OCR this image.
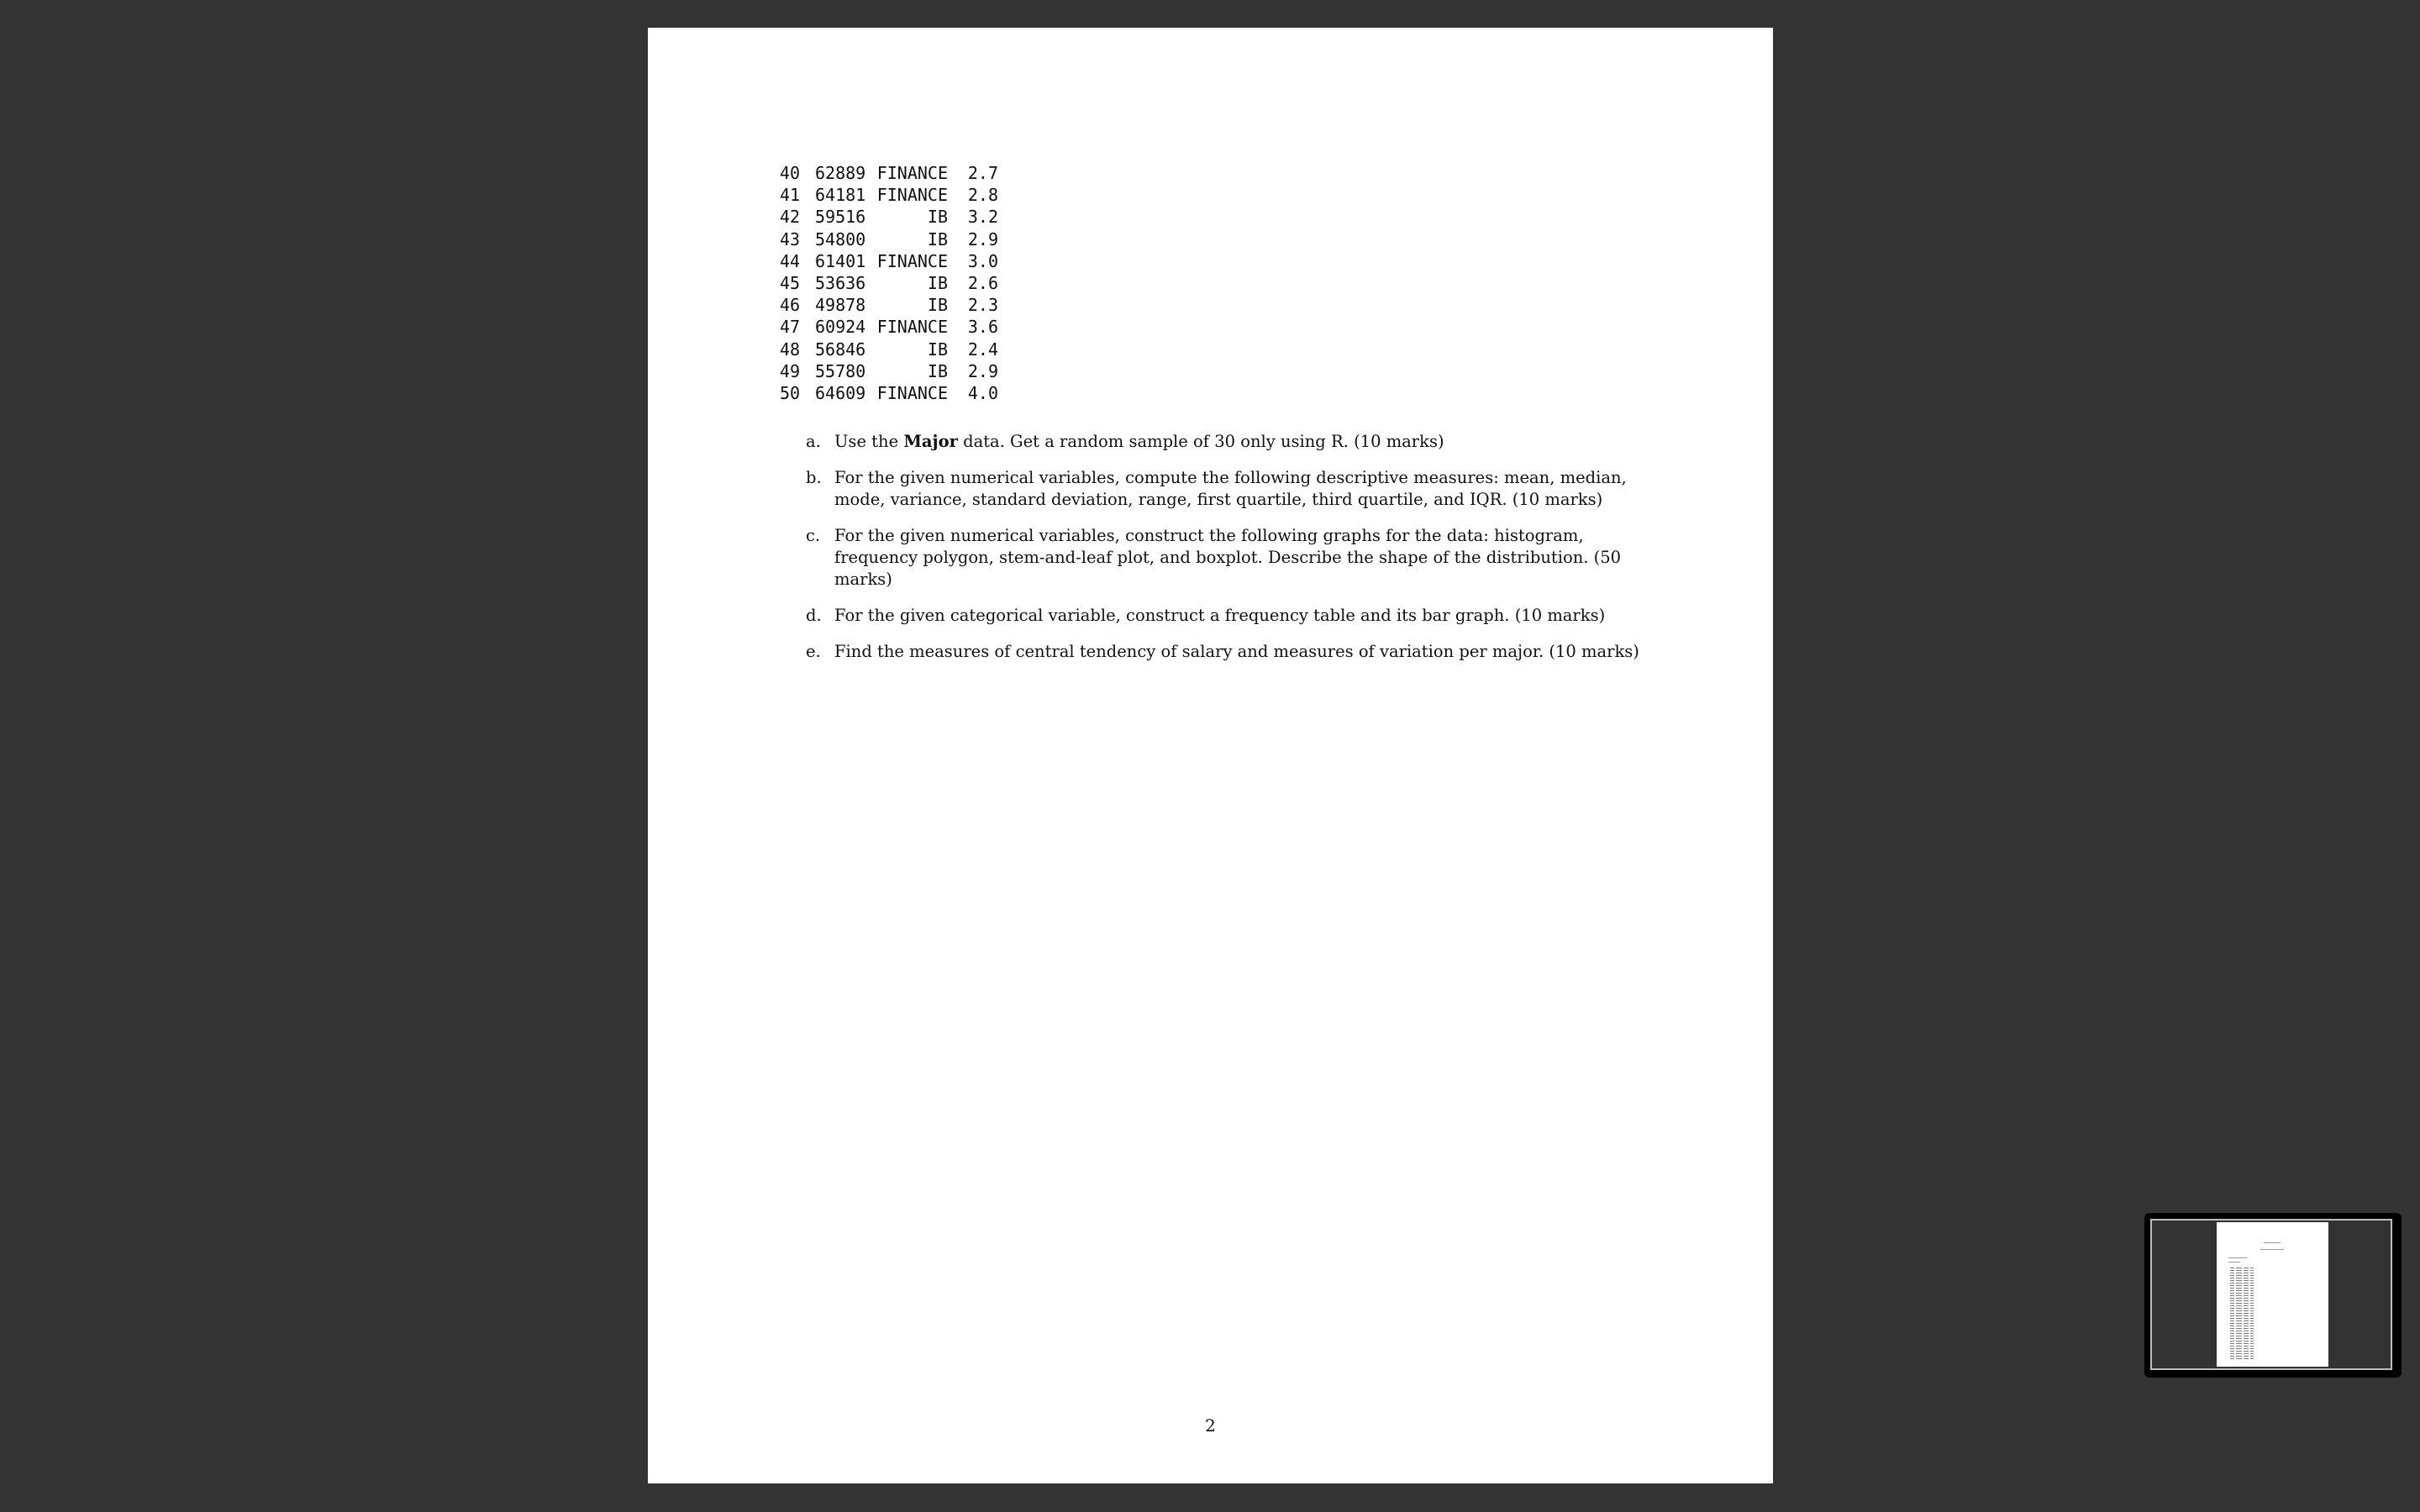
40	62889	FINANCE	2.7
41	64181	FINANCE	2.8
42	59516	IB	3.2
43	54800	IB	2.9
44	61401	FINANCE	3.0
45	53636	IB	2.6
46	49878	IB	2.3
47	60924	FINANCE	3.6
48	56846	IB	2.4
49	55780	IB	2.9
50	64609	FINANCE	4.0
a. Use the Major data. Get a random sample of 30 only using R. (10 marks)
b. For the given numerical variables, compute the following descriptive measures: mean, median, mode, variance, standard deviation, range, first quartile, third quartile, and IQR. (10 marks)
c. For the given numerical variables, construct the following graphs for the data: histogram, frequency polygon, stem-and-leaf plot, and boxplot. Describe the shape of the distribution. (50 marks)
d. For the given categorical variable, construct a frequency table and its bar graph. (10 marks)
e. Find the measures of central tendency of salary and measures of variation per major. (10 marks)
2
